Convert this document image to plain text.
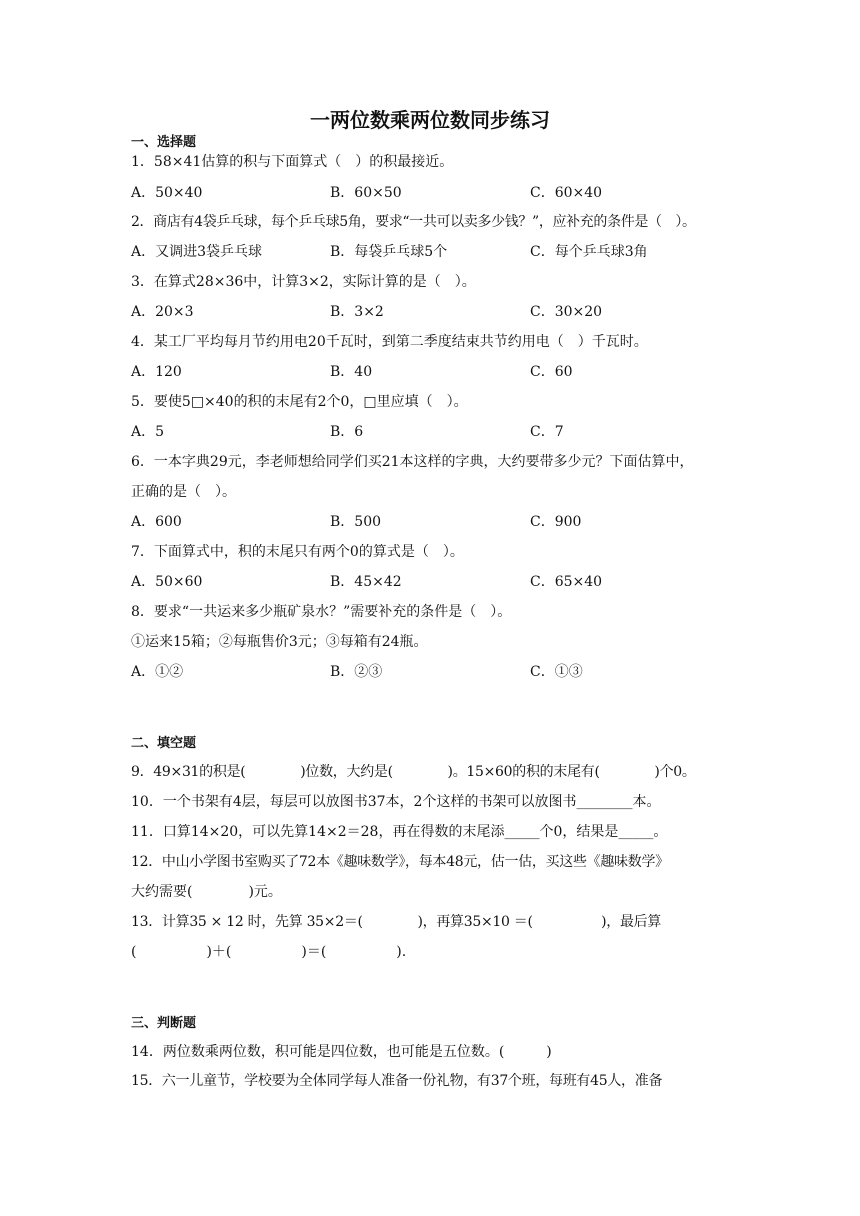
一两位数乘两位数同步练习
一、选择题
1．58×41估算的积与下面算式（　）的积最接近。
A．50×40	B．60×50	C．60×40
2．商店有4袋乒乓球，每个乒乓球5角，要求“一共可以卖多少钱？”，应补充的条件是（　）。
A．又调进3袋乒乓球	B．每袋乒乓球5个	C．每个乒乓球3角
3．在算式28×36中，计算3×2，实际计算的是（　）。
A．20×3	B．3×2	C．30×20
4．某工厂平均每月节约用电20千瓦时，到第二季度结束共节约用电（　）千瓦时。
A．120	B．40	C．60
5．要使5□×40的积的末尾有2个0，□里应填（　）。
A．5	B．6	C．7
6．一本字典29元，李老师想给同学们买21本这样的字典，大约要带多少元？下面估算中，
正确的是（　）。
A．600	B．500	C．900
7．下面算式中，积的末尾只有两个0的算式是（　）。
A．50×60	B．45×42	C．65×40
8．要求“一共运来多少瓶矿泉水？”需要补充的条件是（　）。
①运来15箱；②每瓶售价3元；③每箱有24瓶。
A．①②	B．②③	C．①③
二、填空题
9．49×31的积是(　　　　)位数，大约是(　　　　)。15×60的积的末尾有(　　　　)个0。
10．一个书架有4层，每层可以放图书37本，2个这样的书架可以放图书________本。
11．口算14×20，可以先算14×2＝28，再在得数的末尾添_____个0，结果是_____。
12．中山小学图书室购买了72本《趣味数学》，每本48元，估一估，买这些《趣味数学》
大约需要(　　　　)元。
13．计算35 × 12 时，先算 35×2＝(　　　　)，再算35×10 ＝(　　　　　)，最后算
(　　　　　)＋(　　　　　)＝(　　　　　).
三、判断题
14．两位数乘两位数，积可能是四位数，也可能是五位数。(　　　)
15．六一儿童节，学校要为全体同学每人准备一份礼物，有37个班，每班有45人，准备
